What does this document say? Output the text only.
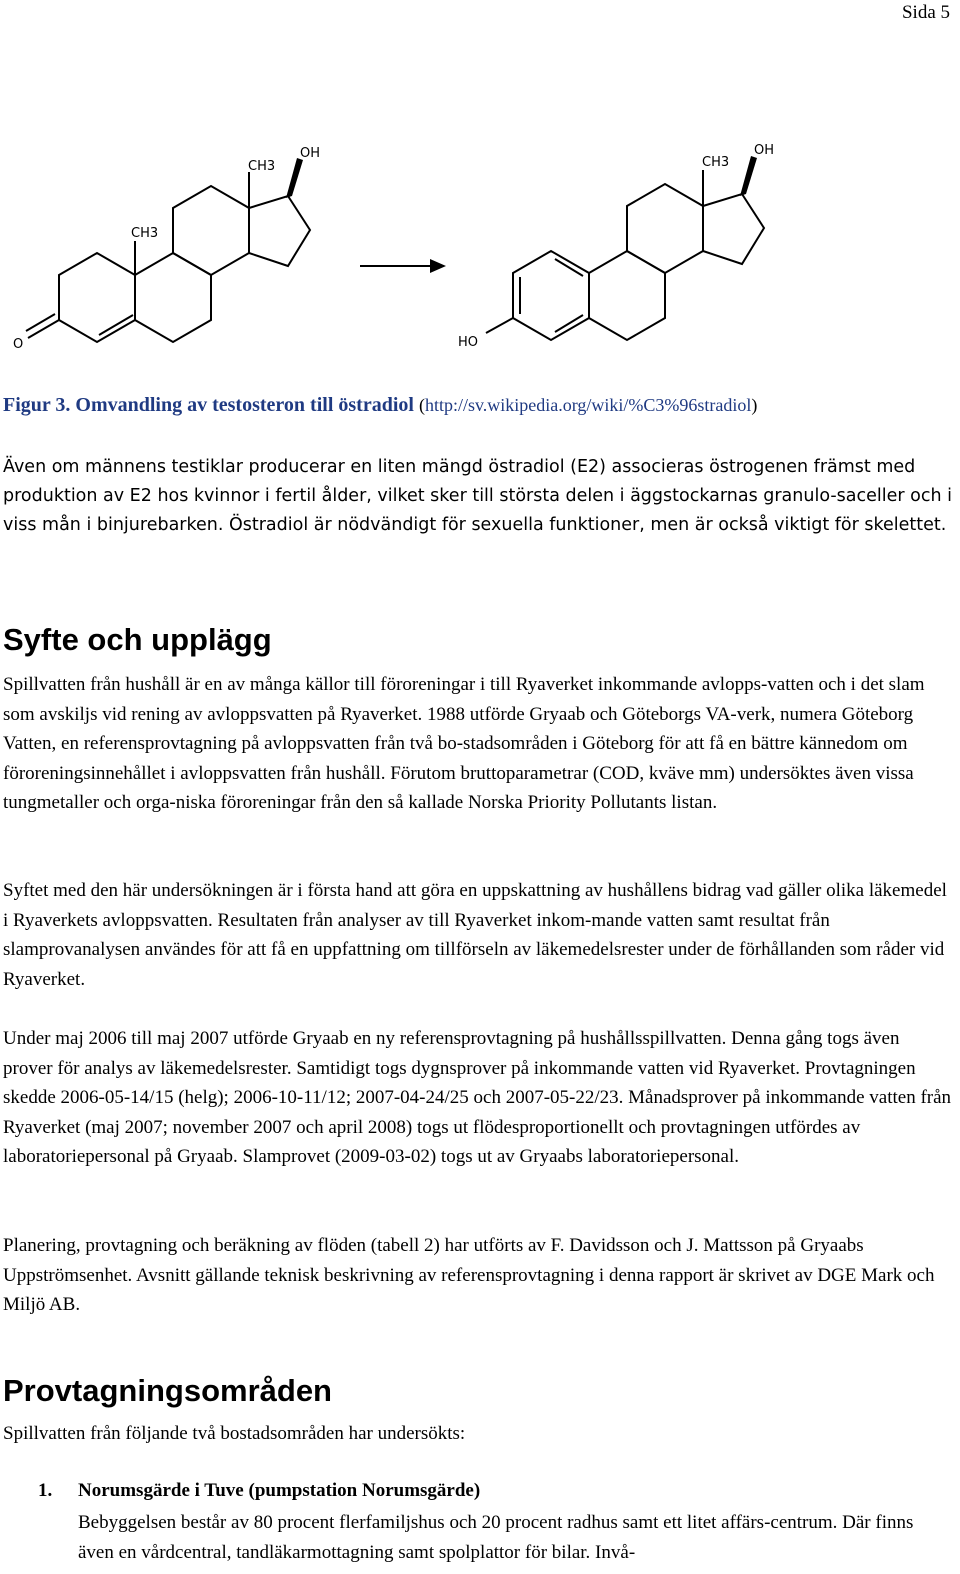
Sida 5
CH3
OH
CH3
O
CH3
OH
HO
Figur 3. Omvandling av testosteron till östradiol (http://sv.wikipedia.org/wiki/%C3%96stradiol)

Även om männens testiklar producerar en liten mängd östradiol (E2) associeras östrogenen främst med produktion av E2 hos kvinnor i fertil ålder, vilket sker till största delen i äggstockarnas granulo-saceller och i viss mån i binjurebarken. Östradiol är nödvändigt för sexuella funktioner, men är också viktigt för skelettet.

Syfte och upplägg

Spillvatten från hushåll är en av många källor till föroreningar i till Ryaverket inkommande avlopps-vatten och i det slam som avskiljs vid rening av avloppsvatten på Ryaverket. 1988 utförde Gryaab och Göteborgs VA-verk, numera Göteborg Vatten, en referensprovtagning på avloppsvatten från två bo-stadsområden i Göteborg för att få en bättre kännedom om föroreningsinnehållet i avloppsvatten från hushåll. Förutom bruttoparametrar (COD, kväve mm) undersöktes även vissa tungmetaller och orga-niska föroreningar från den så kallade Norska Priority Pollutants listan.

Syftet med den här undersökningen är i första hand att göra en uppskattning av hushållens bidrag vad gäller olika läkemedel i Ryaverkets avloppsvatten. Resultaten från analyser av till Ryaverket inkom-mande vatten samt resultat från slamprovanalysen användes för att få en uppfattning om tillförseln av läkemedelsrester under de förhållanden som råder vid Ryaverket.

Under maj 2006 till maj 2007 utförde Gryaab en ny referensprovtagning på hushållsspillvatten. Denna gång togs även prover för analys av läkemedelsrester. Samtidigt togs dygnsprover på inkommande vatten vid Ryaverket. Provtagningen skedde 2006-05-14/15 (helg); 2006-10-11/12; 2007-04-24/25 och 2007-05-22/23. Månadsprover på inkommande vatten från Ryaverket (maj 2007; november 2007 och april 2008) togs ut flödesproportionellt och provtagningen utfördes av laboratoriepersonal på Gryaab. Slamprovet (2009-03-02) togs ut av Gryaabs laboratoriepersonal.

Planering, provtagning och beräkning av flöden (tabell 2) har utförts av F. Davidsson och J. Mattsson på Gryaabs Uppströmsenhet. Avsnitt gällande teknisk beskrivning av referensprovtagning i denna rapport är skrivet av DGE Mark och Miljö AB.

Provtagningsområden

Spillvatten från följande två bostadsområden har undersökts:

1. Norumsgärde i Tuve (pumpstation Norumsgärde)

Bebyggelsen består av 80 procent flerfamiljshus och 20 procent radhus samt ett litet affärs-centrum. Där finns även en vårdcentral, tandläkarmottagning samt spolplattor för bilar. Invå-
